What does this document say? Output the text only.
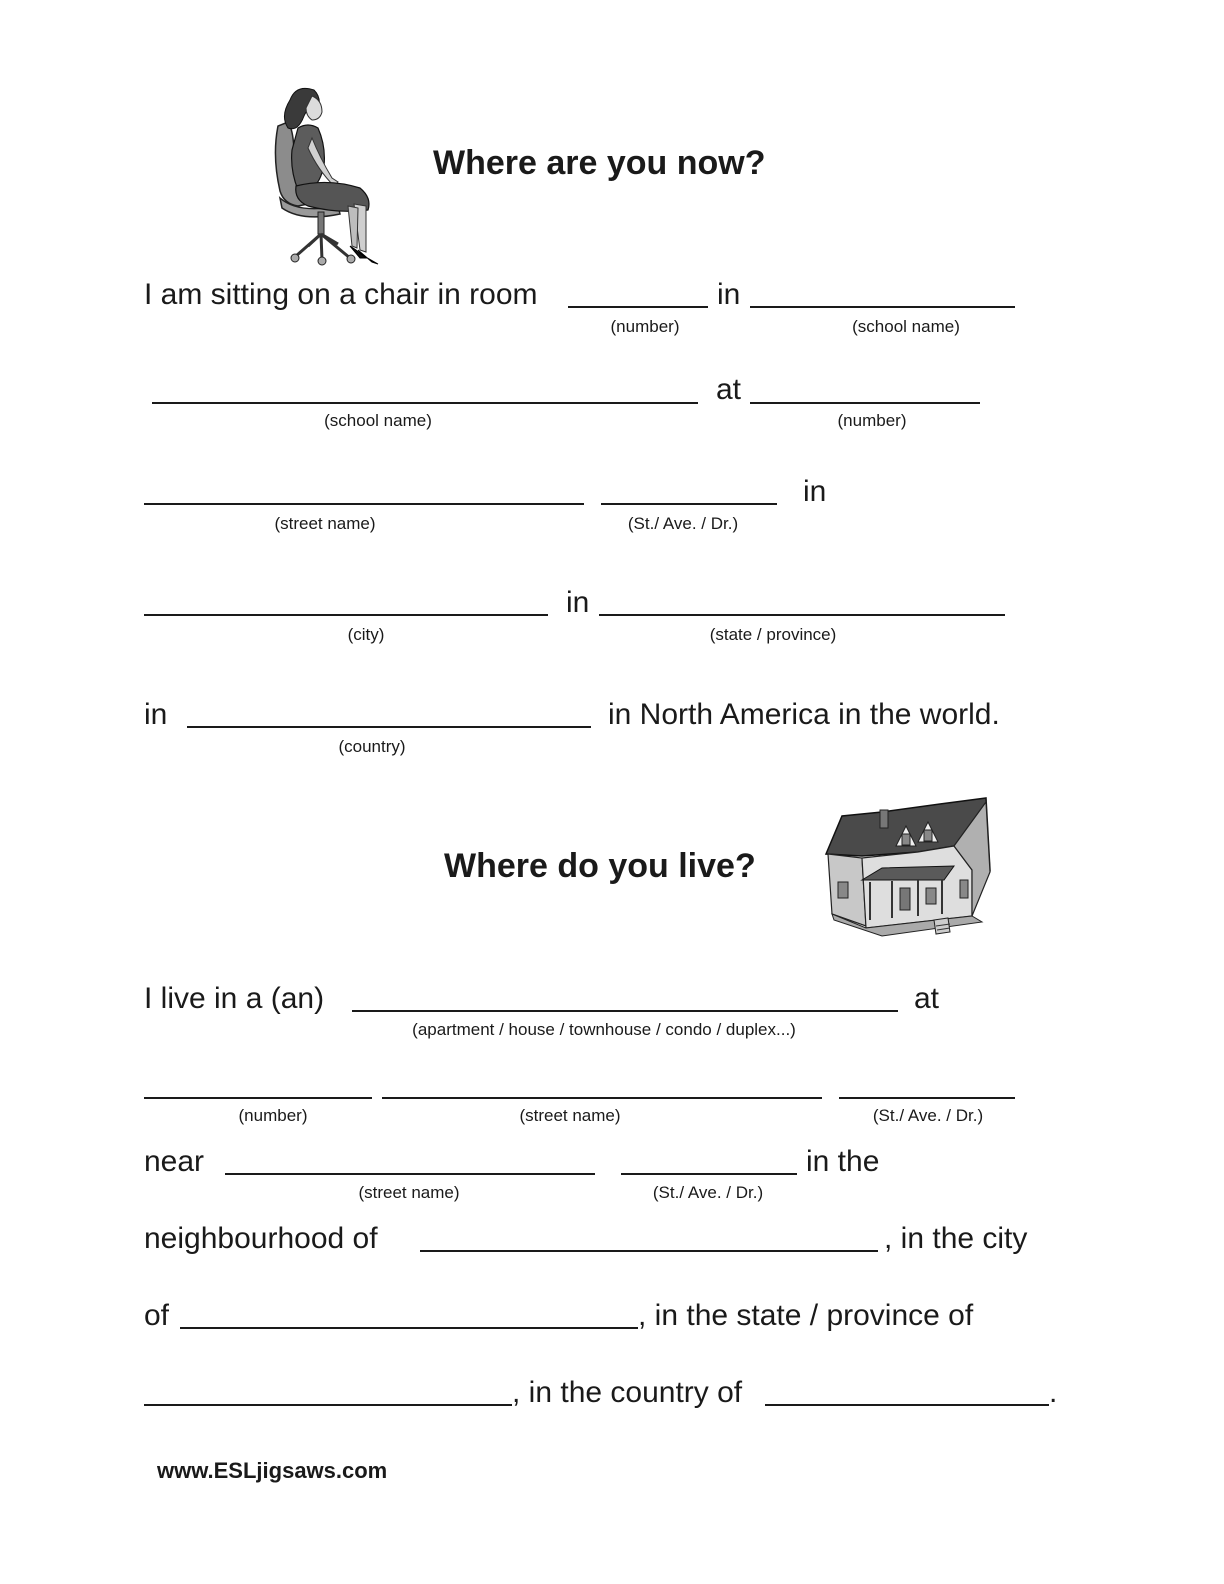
Where are you now?
I am sitting on a chair in room	in
(number)	(school name)
at
(school name)	(number)
in
(street name)	(St./ Ave. / Dr.)
in
(city)	(state / province)
in	in North America in the world.
(country)
Where do you live?
I live in a (an)	at
(apartment / house / townhouse / condo / duplex...)
(number)	(street name)	(St./ Ave. / Dr.)
near	in the
(street name)	(St./ Ave. / Dr.)
neighbourhood of	, in the city
of	, in the state / province of
, in the country of	.
www.ESLjigsaws.com
